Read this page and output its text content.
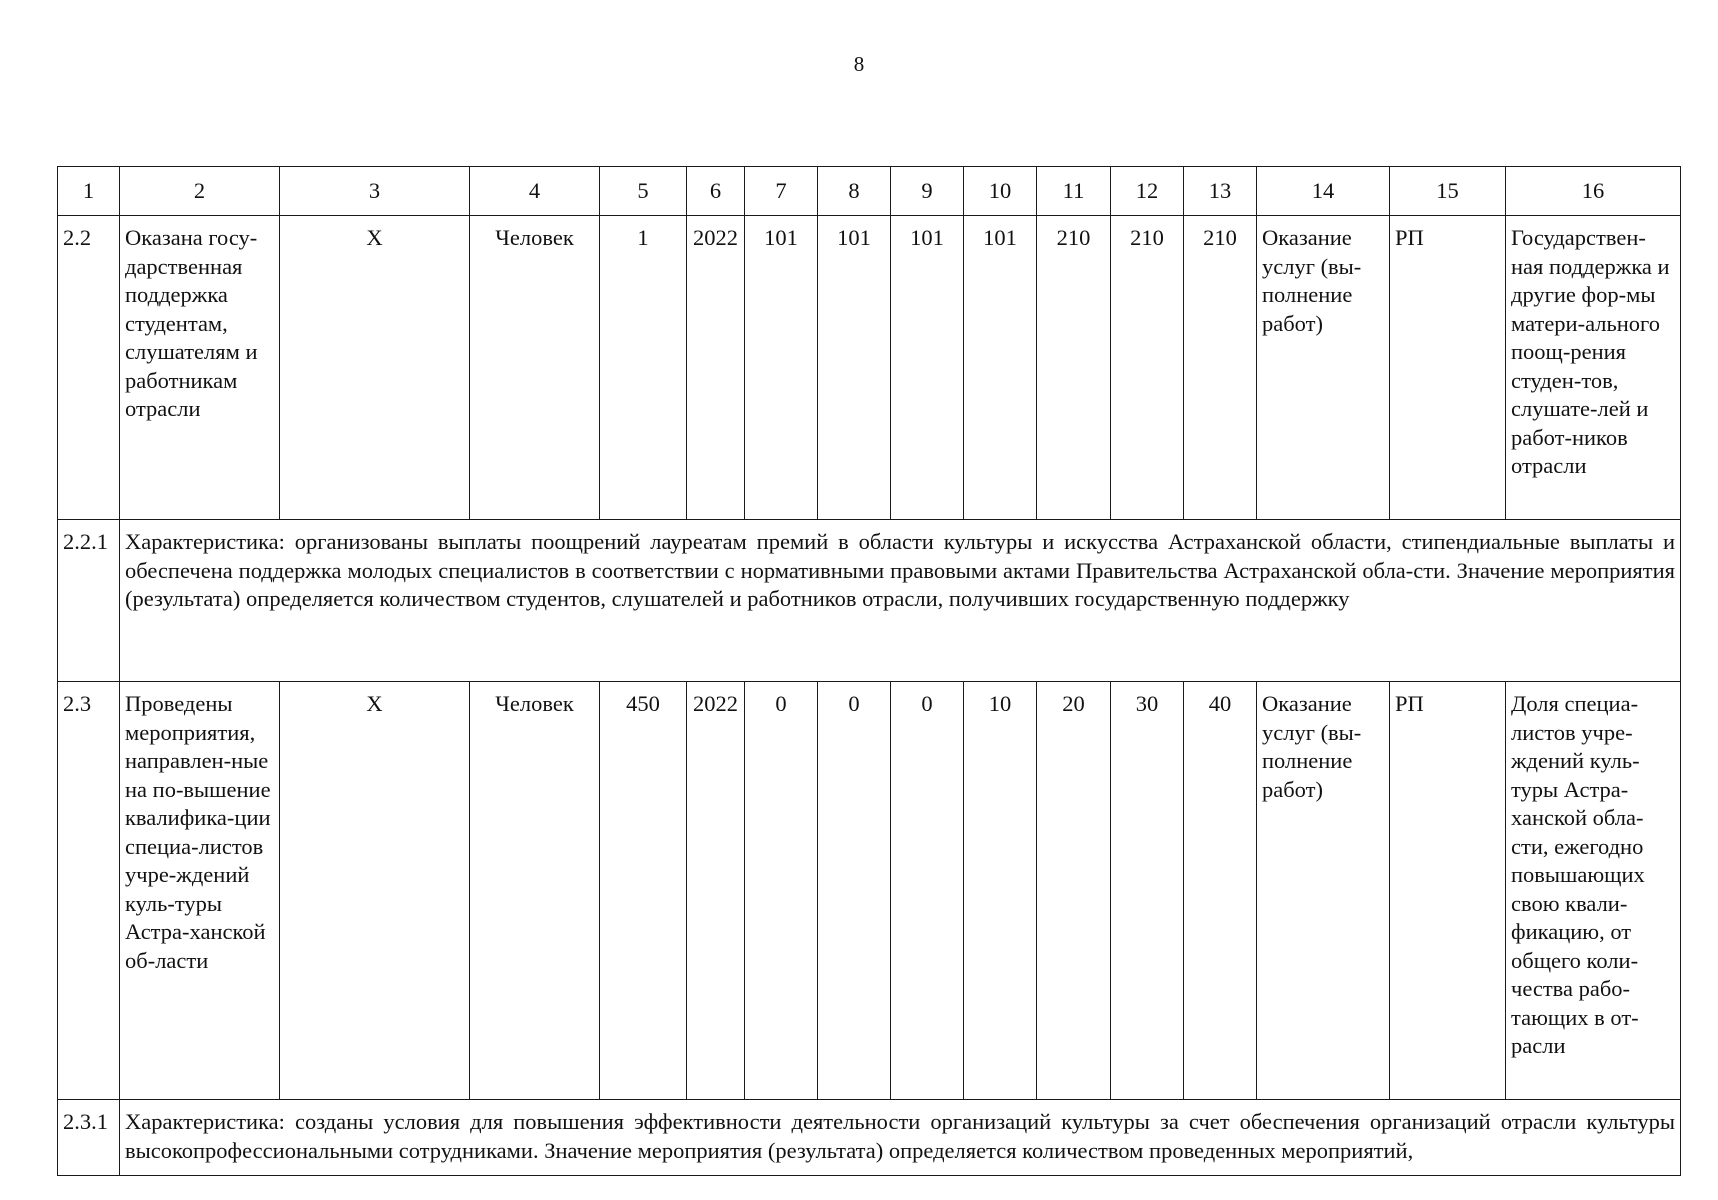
8
1	2	3	4	5	6	7	8	9	10	11	12	13	14	15	16
2.2	Оказана госу-дарственная поддержка студентам, слушателям и работникам отрасли	Х	Человек	1	2022	101	101	101	101	210	210	210	Оказание услуг (вы-полнение работ)	РП	Государствен-ная поддержка и другие фор-мы матери-ального поощ-рения студен-тов, слушате-лей и работ-ников отрасли
2.2.1	Характеристика: организованы выплаты поощрений лауреатам премий в области культуры и искусства Астраханской области, стипендиальные выплаты и обеспечена поддержка молодых специалистов в соответствии с нормативными правовыми актами Правительства Астраханской обла-сти. Значение мероприятия (результата) определяется количеством студентов, слушателей и работников отрасли, получивших государственную поддержку														
2.3	Проведены мероприятия, направлен-ные на по-вышение квалифика-ции специа-листов учре-ждений куль-туры Астра-ханской об-ласти	Х	Человек	450	2022	0	0	0	10	20	30	40	Оказание услуг (вы-полнение работ)	РП	Доля специа-листов учре-ждений куль-туры Астра-ханской обла-сти, ежегодно повышающих свою квали-фикацию, от общего коли-чества рабо-тающих в от-расли
2.3.1	Характеристика: созданы условия для повышения эффективности деятельности организаций культуры за счет обеспечения организаций отрасли культуры высокопрофессиональными сотрудниками. Значение мероприятия (результата) определяется количеством проведенных мероприятий,														
